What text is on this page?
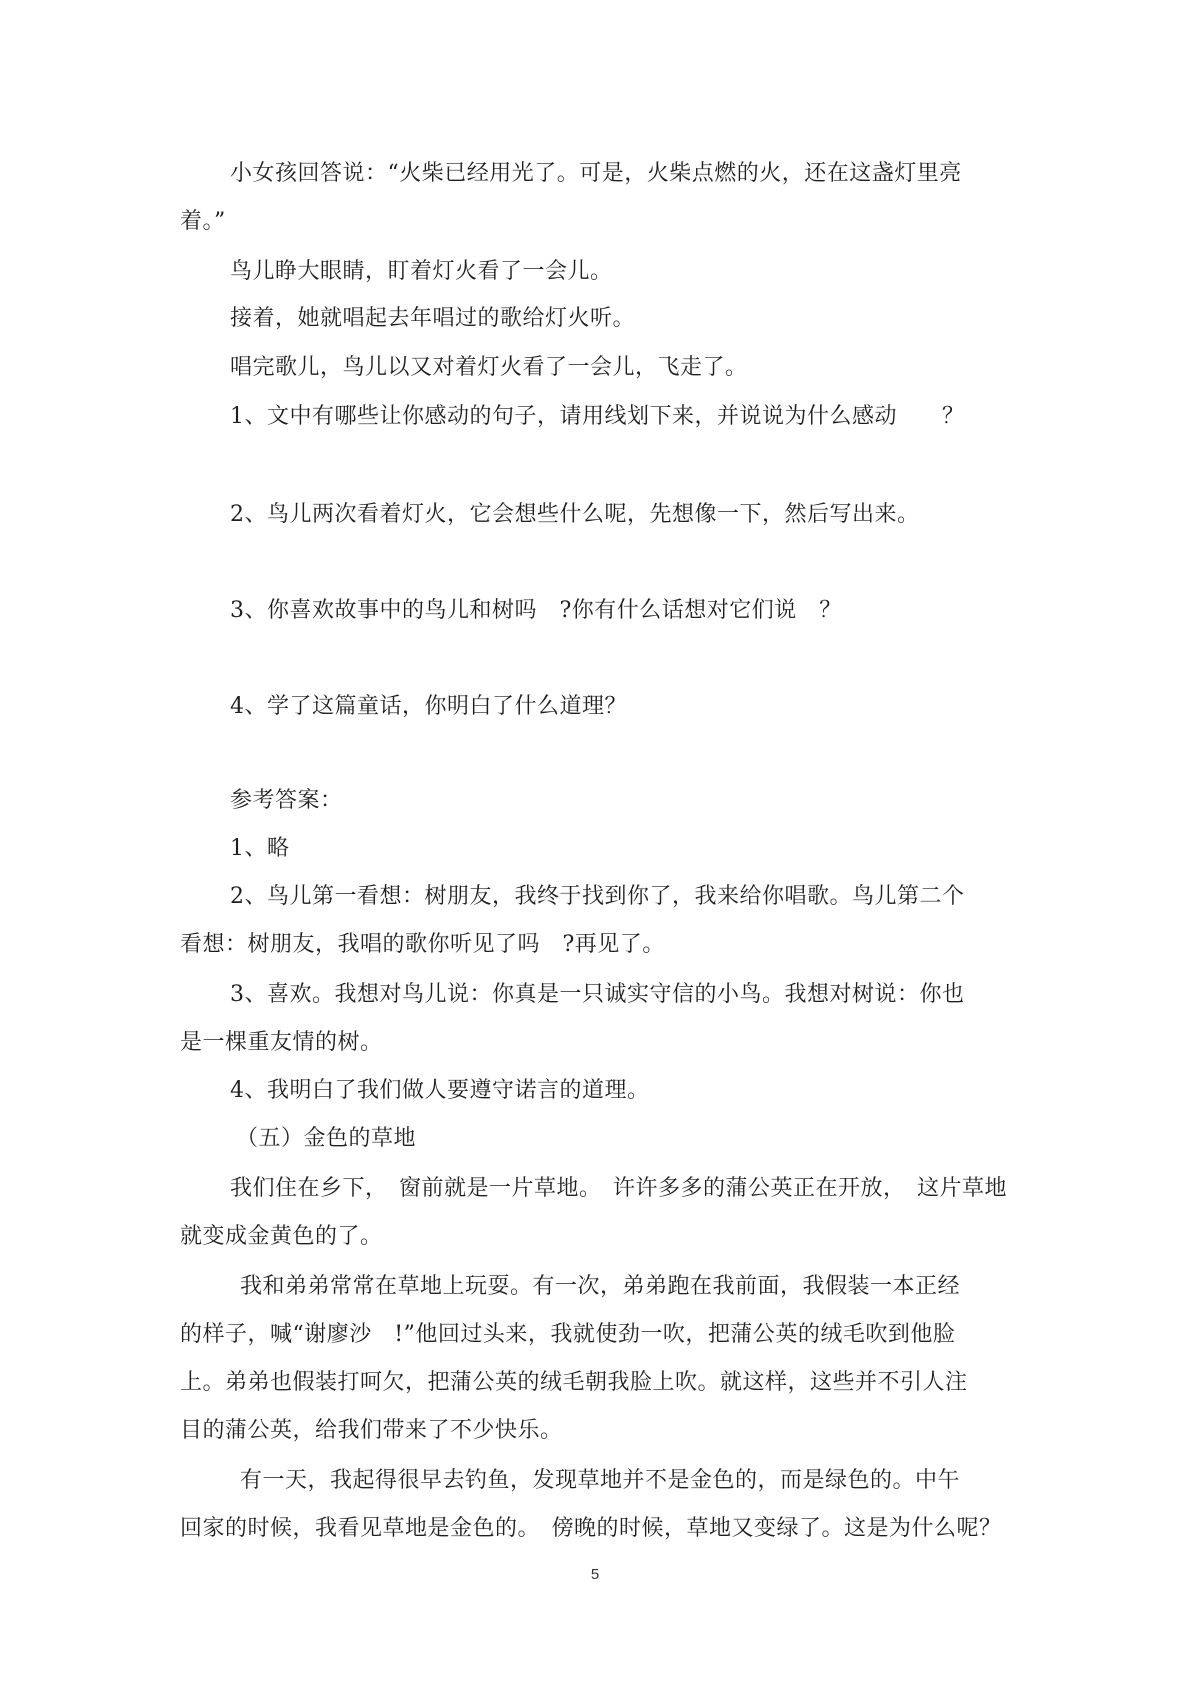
小女孩回答说：“火柴已经用光了。可是，火柴点燃的火，还在这盏灯里亮
着。”
鸟儿睁大眼睛，盯着灯火看了一会儿。
接着，她就唱起去年唱过的歌给灯火听。
唱完歌儿，鸟儿以又对着灯火看了一会儿，飞走了。
1、文中有哪些让你感动的句子，请用线划下来，并说说为什么感动　　？
2、鸟儿两次看着灯火，它会想些什么呢，先想像一下，然后写出来。
3、你喜欢故事中的鸟儿和树吗　?你有什么话想对它们说　？
4、学了这篇童话，你明白了什么道理？
参考答案：
1、略
2、鸟儿第一看想：树朋友，我终于找到你了，我来给你唱歌。鸟儿第二个
看想：树朋友，我唱的歌你听见了吗　?再见了。
3、喜欢。我想对鸟儿说：你真是一只诚实守信的小鸟。我想对树说：你也
是一棵重友情的树。
4、我明白了我们做人要遵守诺言的道理。
（五）金色的草地
我们住在乡下，　窗前就是一片草地。　许许多多的蒲公英正在开放，　这片草地
就变成金黄色的了。
我和弟弟常常在草地上玩耍。有一次，弟弟跑在我前面，我假装一本正经
的样子，喊“谢廖沙　!”他回过头来，我就使劲一吹，把蒲公英的绒毛吹到他脸
上。弟弟也假装打呵欠，把蒲公英的绒毛朝我脸上吹。就这样，这些并不引人注
目的蒲公英，给我们带来了不少快乐。
有一天，我起得很早去钓鱼，发现草地并不是金色的，而是绿色的。中午
回家的时候，我看见草地是金色的。　傍晚的时候，草地又变绿了。这是为什么呢？
5
